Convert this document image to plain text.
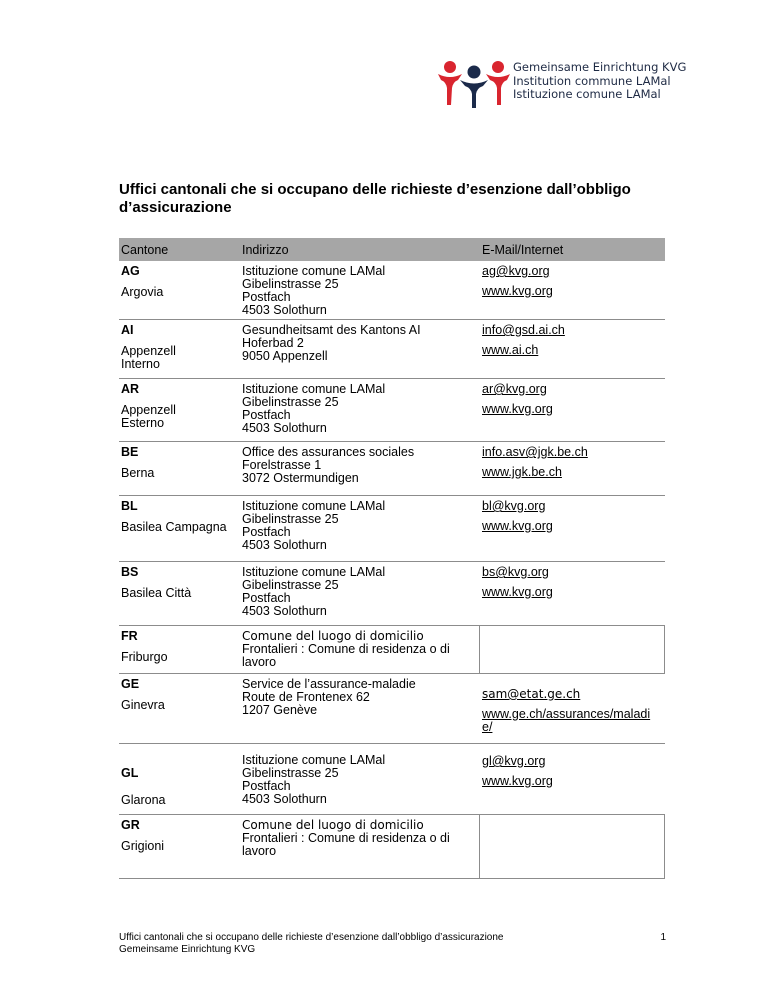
Gemeinsame Einrichtung KVG
Institution commune LAMal
Istituzione comune LAMal
Uffici cantonali che si occupano delle richieste d’esenzione dall’obbligo d’assicurazione
Cantone	Indirizzo	E-Mail/Internet
AG
Argovia
Istituzione comune LAMal
Gibelinstrasse 25
Postfach
4503 Solothurn
ag@kvg.org
www.kvg.org
AI
Appenzell Interno
Gesundheitsamt des Kantons AI
Hoferbad 2
9050 Appenzell
info@gsd.ai.ch
www.ai.ch
AR
Appenzell Esterno
Istituzione comune LAMal
Gibelinstrasse 25
Postfach
4503 Solothurn
ar@kvg.org
www.kvg.org
BE
Berna
Office des assurances sociales
Forelstrasse 1
3072 Ostermundigen
info.asv@jgk.be.ch
www.jgk.be.ch
BL
Basilea Campagna
Istituzione comune LAMal
Gibelinstrasse 25
Postfach
4503 Solothurn
bl@kvg.org
www.kvg.org
BS
Basilea Città
Istituzione comune LAMal
Gibelinstrasse 25
Postfach
4503 Solothurn
bs@kvg.org
www.kvg.org
FR
Friburgo
Comune del luogo di domicilio
Frontalieri : Comune di residenza o di
lavoro
GE
Ginevra
Service de l’assurance-maladie
Route de Frontenex 62
1207 Genève
sam@etat.ge.ch
www.ge.ch/assurances/maladie/
GL
Glarona
Istituzione comune LAMal
Gibelinstrasse 25
Postfach
4503 Solothurn
gl@kvg.org
www.kvg.org
GR
Grigioni
Comune del luogo di domicilio
Frontalieri : Comune di residenza o di
lavoro
Uffici cantonali che si occupano delle richieste d’esenzione dall’obbligo d’assicurazione
Gemeinsame Einrichtung KVG
1
